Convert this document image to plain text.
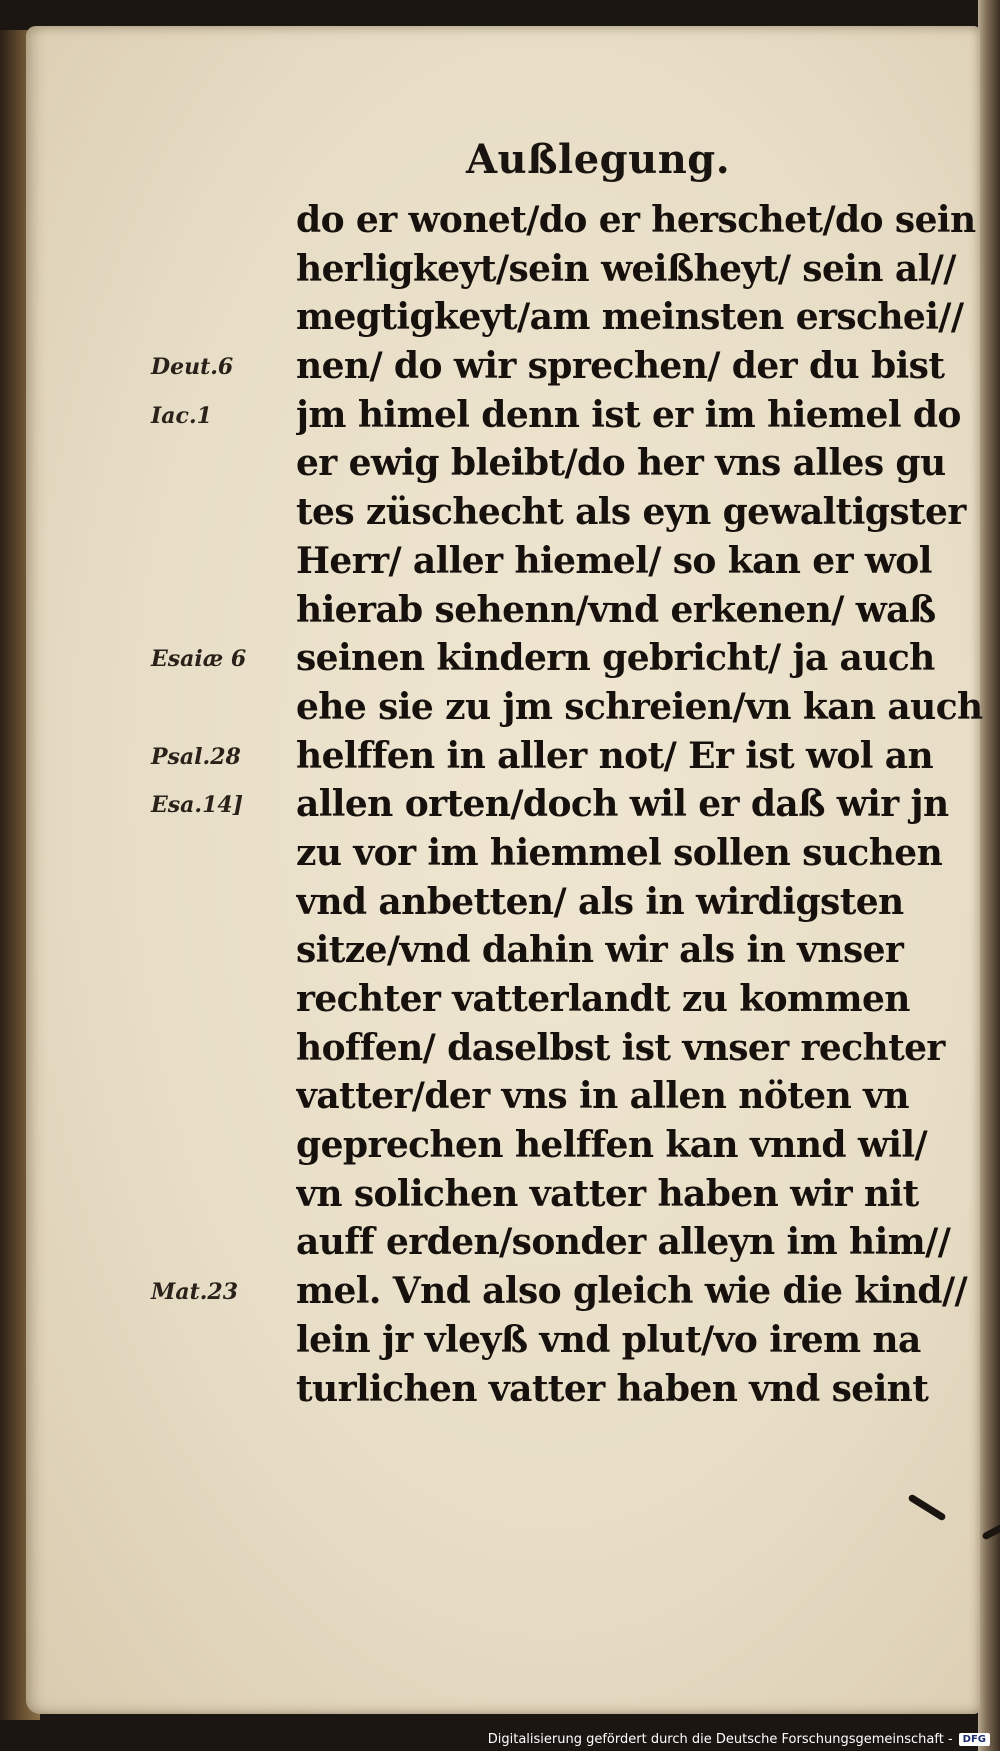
Außlegung.
do er wonet/do er herschet/do sein
herligkeyt/sein weißheyt/ sein al//
megtigkeyt/am meinsten erschei//
nen/ do wir sprechen/ der du bist
jm himel denn ist er im hiemel do
er ewig bleibt/do her vns alles gu
tes züschecht als eyn gewaltigster
Herr/ aller hiemel/ so kan er wol
hierab sehenn/vnd erkenen/ waß
seinen kindern gebricht/ ja auch
ehe sie zu jm schreien/vn kan auch
helffen in aller not/ Er ist wol an
allen orten/doch wil er daß wir jn
zu vor im hiemmel sollen suchen
vnd anbetten/ als in wirdigsten
sitze/vnd dahin wir als in vnser
rechter vatterlandt zu kommen
hoffen/ daselbst ist vnser rechter
vatter/der vns in allen nöten vn
geprechen helffen kan vnnd wil/
vn solichen vatter haben wir nit
auff erden/sonder alleyn im him//
mel. Vnd also gleich wie die kind//
lein jr vleyß vnd plut/vo irem na
turlichen vatter haben vnd seint
Deut.6
Iac.1
Esaiæ 6
Psal.28
Esa.14]
Mat.23
Digitalisierung gefördert durch die Deutsche Forschungsgemeinschaft -	DFG
